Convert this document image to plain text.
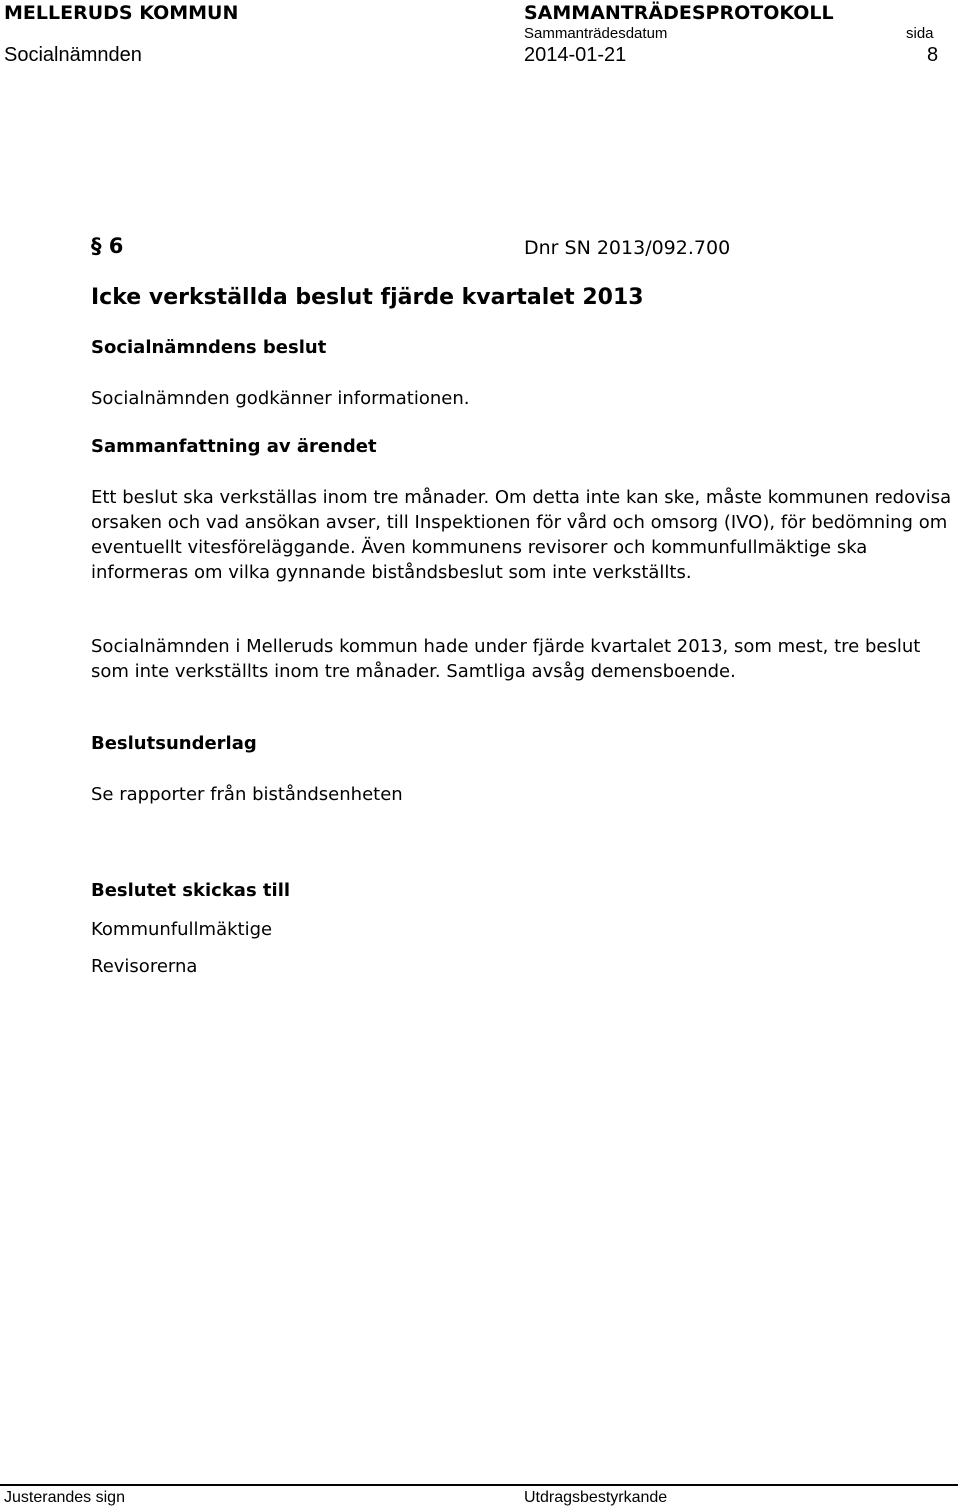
MELLERUDS KOMMUN	SAMMANTRÄDESPROTOKOLL
Sammanträdesdatum	sida
Socialnämnden	2014-01-21	8
§ 6	Dnr SN 2013/092.700
Icke verkställda beslut fjärde kvartalet 2013
Socialnämndens beslut
Socialnämnden godkänner informationen.
Sammanfattning av ärendet
Ett beslut ska verkställas inom tre månader. Om detta inte kan ske, måste kommunen redovisa orsaken och vad ansökan avser, till Inspektionen för vård och omsorg (IVO), för bedömning om eventuellt vitesföreläggande. Även kommunens revisorer och kommunfullmäktige ska informeras om vilka gynnande biståndsbeslut som inte verkställts.
Socialnämnden i Melleruds kommun hade under fjärde kvartalet 2013, som mest, tre beslut som inte verkställts inom tre månader. Samtliga avsåg demensboende.
Beslutsunderlag
Se rapporter från biståndsenheten
Beslutet skickas till
Kommunfullmäktige
Revisorerna
Justerandes sign	Utdragsbestyrkande
